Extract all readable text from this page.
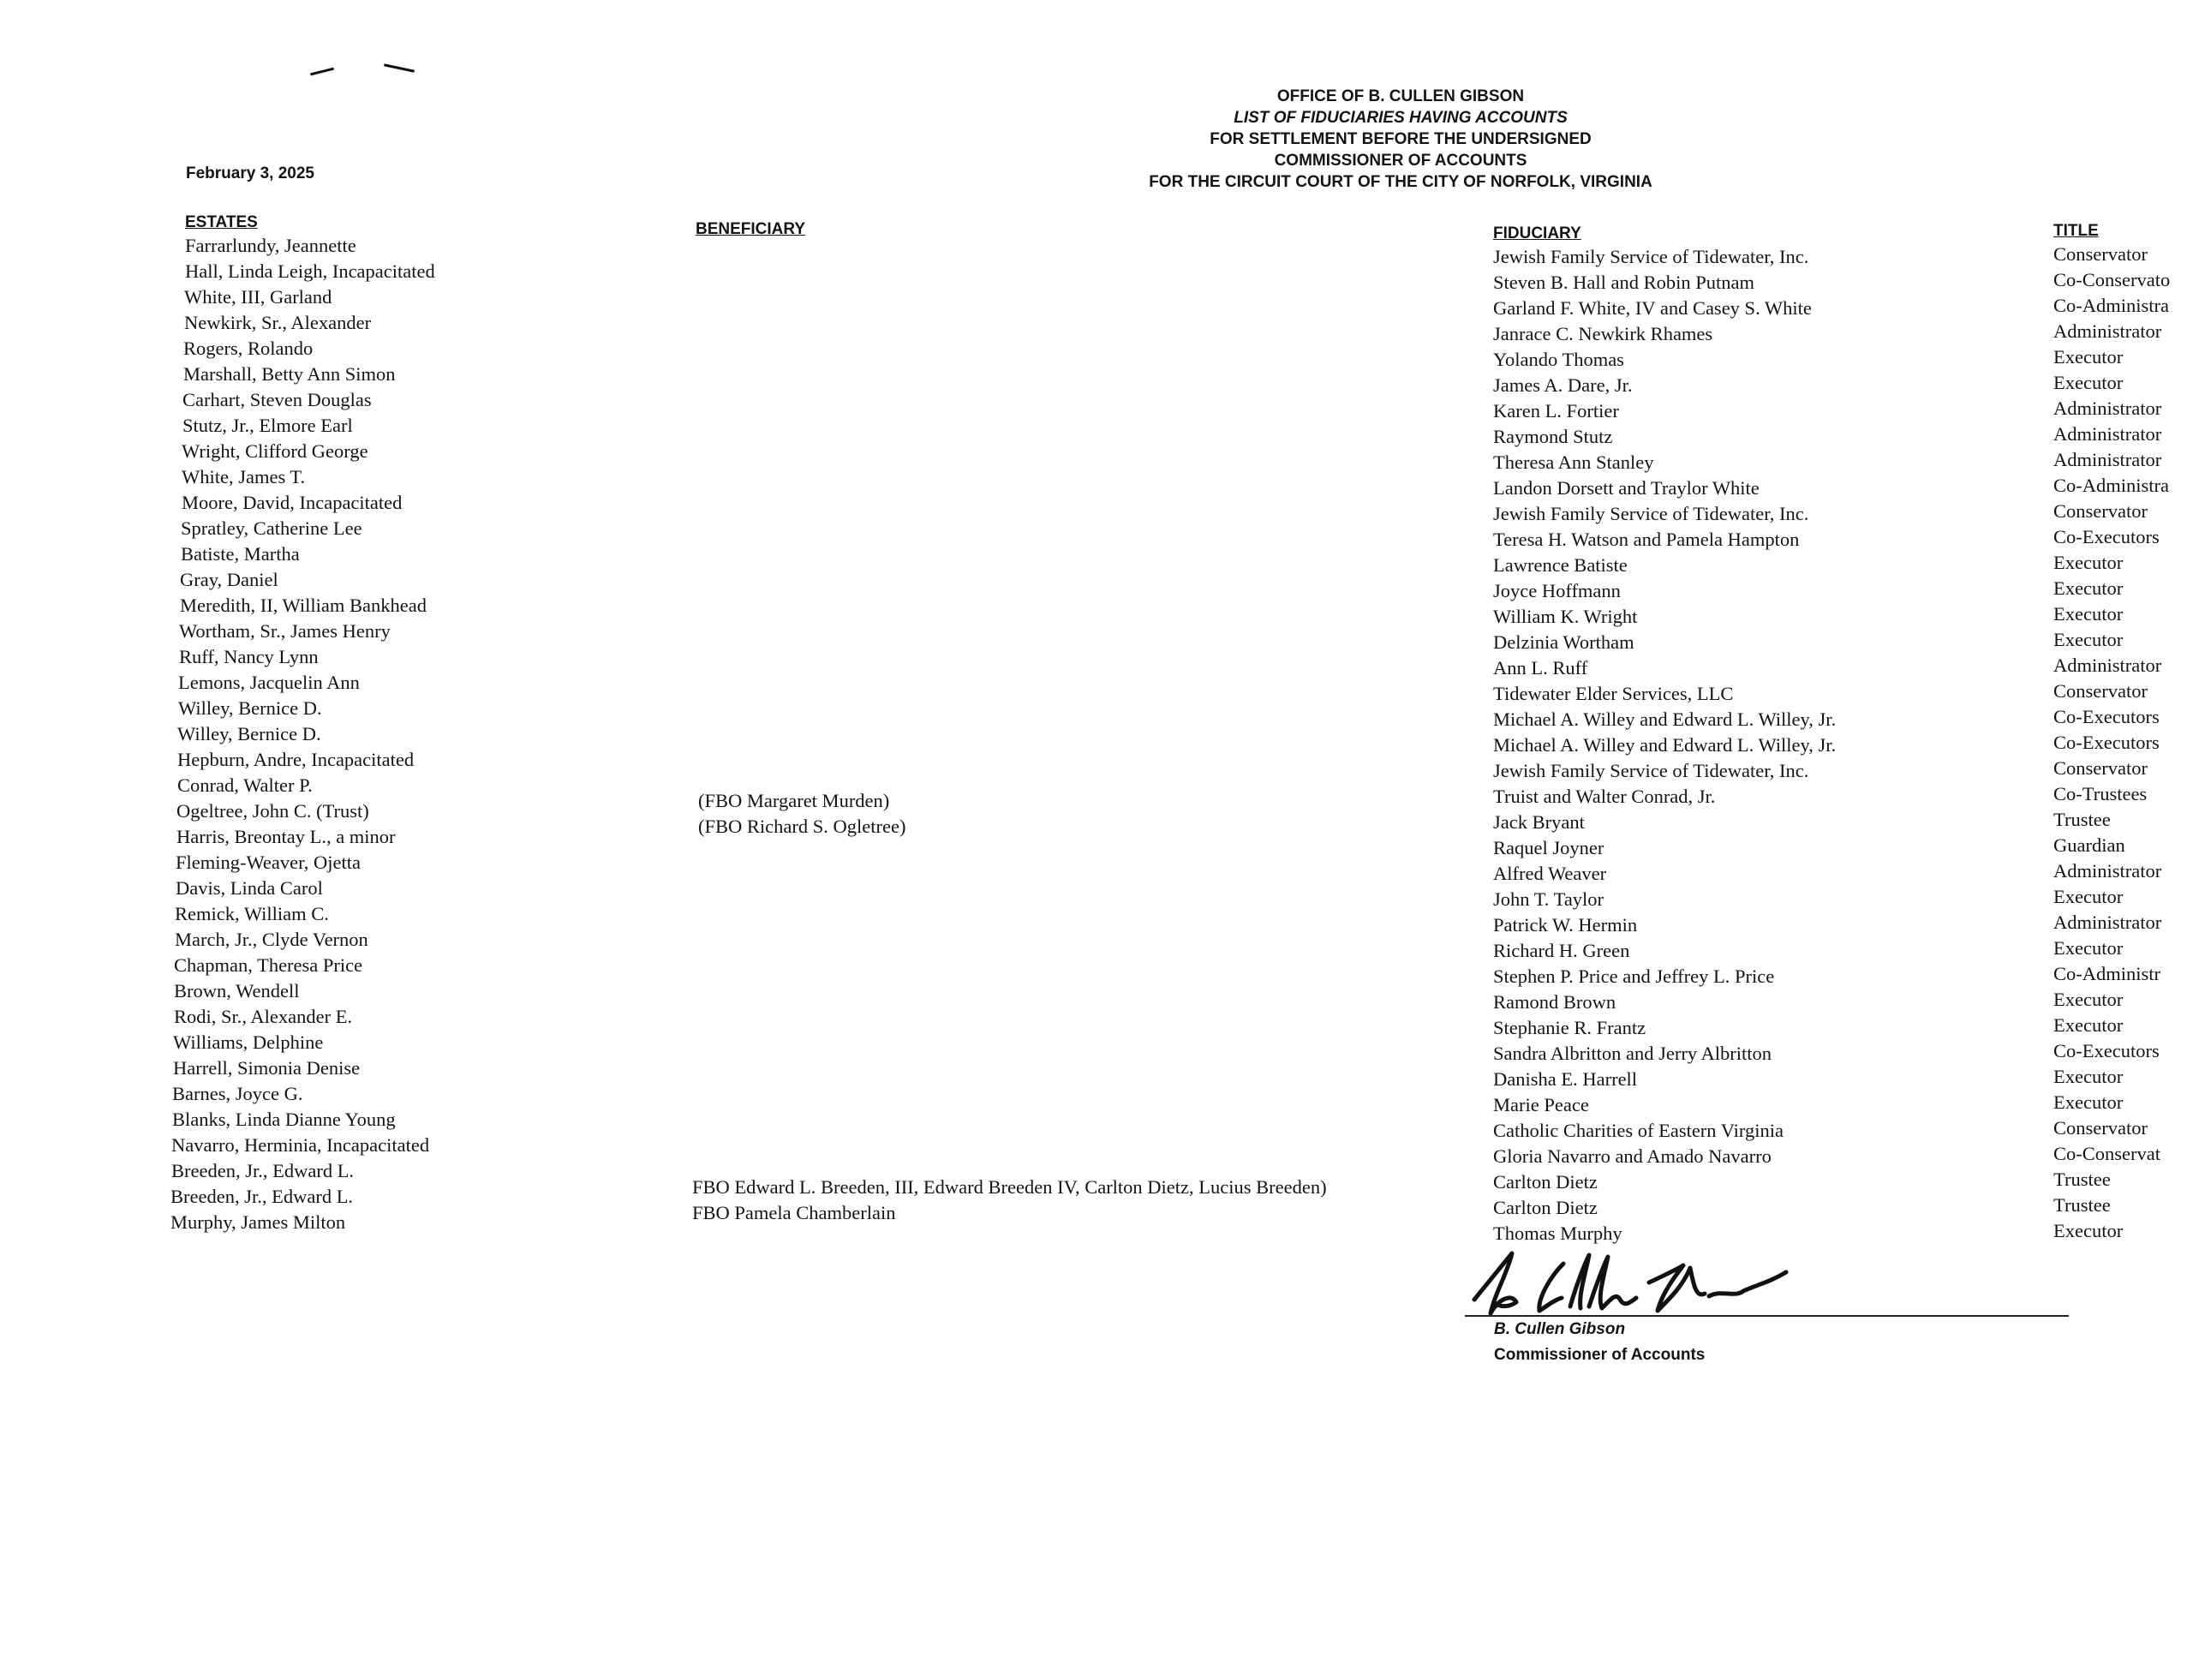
OFFICE OF B. CULLEN GIBSON
LIST OF FIDUCIARIES HAVING ACCOUNTS
FOR SETTLEMENT BEFORE THE UNDERSIGNED
COMMISSIONER OF ACCOUNTS
FOR THE CIRCUIT COURT OF THE CITY OF NORFOLK, VIRGINIA
February 3, 2025
ESTATES
Farrarlundy, Jeannette
Hall, Linda Leigh, Incapacitated
White, III, Garland
Newkirk, Sr., Alexander
Rogers, Rolando
Marshall, Betty Ann Simon
Carhart, Steven Douglas
Stutz, Jr., Elmore Earl
Wright, Clifford George
White, James T.
Moore, David, Incapacitated
Spratley, Catherine Lee
Batiste, Martha
Gray, Daniel
Meredith, II, William Bankhead
Wortham, Sr., James Henry
Ruff, Nancy Lynn
Lemons, Jacquelin Ann
Willey, Bernice D.
Willey, Bernice D.
Hepburn, Andre, Incapacitated
Conrad, Walter P.
Ogeltree, John C. (Trust)
Harris, Breontay L., a minor
Fleming-Weaver, Ojetta
Davis, Linda Carol
Remick, William C.
March, Jr., Clyde Vernon
Chapman, Theresa Price
Brown, Wendell
Rodi, Sr., Alexander E.
Williams, Delphine
Harrell, Simonia Denise
Barnes, Joyce G.
Blanks, Linda Dianne Young
Navarro, Herminia, Incapacitated
Breeden, Jr., Edward L.
Breeden, Jr., Edward L.
Murphy, James Milton
BENEFICIARY
(FBO Margaret Murden)
(FBO Richard S. Ogletree)
FBO Edward L. Breeden, III, Edward Breeden IV, Carlton Dietz, Lucius Breeden)
FBO Pamela Chamberlain
FIDUCIARY
Jewish Family Service of Tidewater, Inc.
Steven B. Hall and Robin Putnam
Garland F. White, IV and Casey S. White
Janrace C. Newkirk Rhames
Yolando Thomas
James A. Dare, Jr.
Karen L. Fortier
Raymond Stutz
Theresa Ann Stanley
Landon Dorsett and Traylor White
Jewish Family Service of Tidewater, Inc.
Teresa H. Watson and Pamela Hampton
Lawrence Batiste
Joyce Hoffmann
William K. Wright
Delzinia Wortham
Ann L. Ruff
Tidewater Elder Services, LLC
Michael A. Willey and Edward L. Willey, Jr.
Michael A. Willey and Edward L. Willey, Jr.
Jewish Family Service of Tidewater, Inc.
Truist and Walter Conrad, Jr.
Jack Bryant
Raquel Joyner
Alfred Weaver
John T. Taylor
Patrick W. Hermin
Richard H. Green
Stephen P. Price and Jeffrey L. Price
Ramond Brown
Stephanie R. Frantz
Sandra Albritton and Jerry Albritton
Danisha E. Harrell
Marie Peace
Catholic Charities of Eastern Virginia
Gloria Navarro and Amado Navarro
Carlton Dietz
Carlton Dietz
Thomas Murphy
TITLE
Conservator
Co-Conservato
Co-Administra
Administrator
Executor
Executor
Administrator
Administrator
Administrator
Co-Administra
Conservator
Co-Executors
Executor
Executor
Executor
Executor
Administrator
Conservator
Co-Executors
Co-Executors
Conservator
Co-Trustees
Trustee
Guardian
Administrator
Executor
Administrator
Executor
Co-Administr
Executor
Executor
Co-Executors
Executor
Executor
Conservator
Co-Conservat
Trustee
Trustee
Executor
B. Cullen Gibson
Commissioner of Accounts
